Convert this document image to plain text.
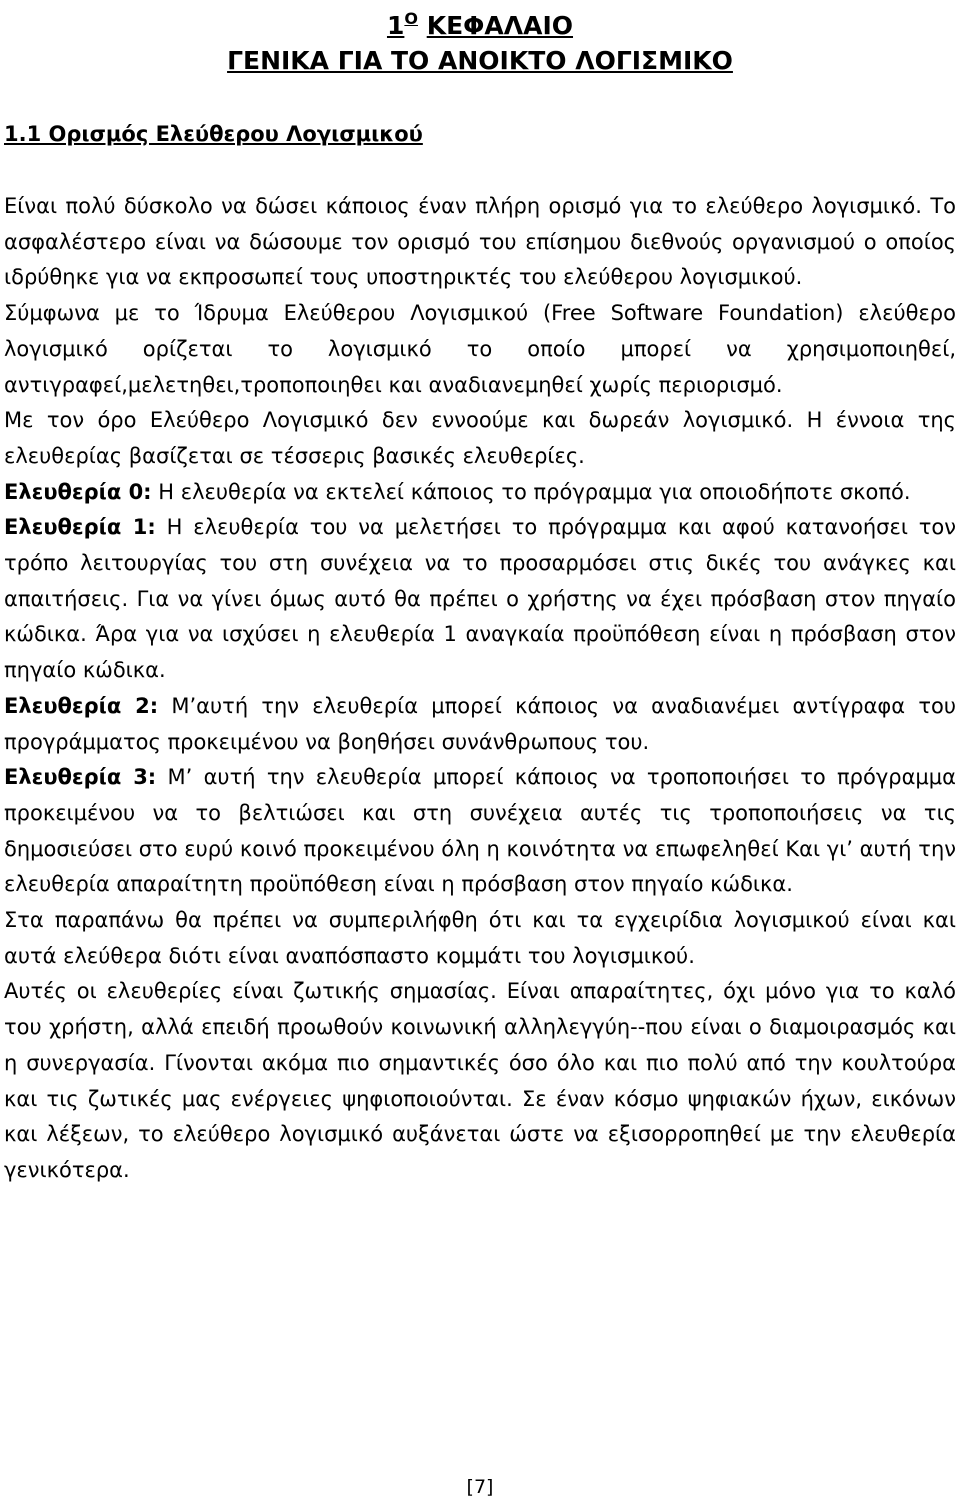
$1^O$ ΚΕΦΑΛΑΙΟ
ΓΕΝΙΚΑ ΓΙΑ ΤΟ ΑΝΟΙΚΤΟ ΛΟΓΙΣΜΙΚΟ
1.1 Ορισμός Ελεύθερου Λογισμικού

Είναι πολύ δύσκολο να δώσει κάποιος έναν πλήρη ορισμό για το ελεύθερο λογισμικό. Το ασφαλέστερο είναι να δώσουμε τον ορισμό του επίσημου διεθνούς οργανισμού ο οποίος ιδρύθηκε για να εκπροσωπεί τους υποστηρικτές του ελεύθερου λογισμικού.

Σύμφωνα με το Ίδρυμα Ελεύθερου Λογισμικού (Free Software Foundation) ελεύθερο λογισμικό ορίζεται το λογισμικό το οποίο μπορεί να χρησιμοποιηθεί, αντιγραφεί,μελετηθει,τροποποιηθει και αναδιανεμηθεί χωρίς περιορισμό.

Με τον όρο Ελεύθερο Λογισμικό δεν εννοούμε και δωρεάν λογισμικό. Η έννοια της ελευθερίας βασίζεται σε τέσσερις βασικές ελευθερίες.

Ελευθερία 0: Η ελευθερία να εκτελεί κάποιος το πρόγραμμα για οποιοδήποτε σκοπό.

Ελευθερία 1: Η ελευθερία του να μελετήσει το πρόγραμμα και αφού κατανοήσει τον τρόπο λειτουργίας του στη συνέχεια να το προσαρμόσει στις δικές του ανάγκες και απαιτήσεις. Για να γίνει όμως αυτό θα πρέπει ο χρήστης να έχει πρόσβαση στον πηγαίο κώδικα. Άρα για να ισχύσει η ελευθερία 1 αναγκαία προϋπόθεση είναι η πρόσβαση στον πηγαίο κώδικα.

Ελευθερία 2: Μ’αυτή την ελευθερία μπορεί κάποιος να αναδιανέμει αντίγραφα του προγράμματος προκειμένου να βοηθήσει συνάνθρωπους του.

Ελευθερία 3: Μ’ αυτή την ελευθερία μπορεί κάποιος να τροποποιήσει το πρόγραμμα προκειμένου να το βελτιώσει και στη συνέχεια αυτές τις τροποποιήσεις να τις δημοσιεύσει στο ευρύ κοινό προκειμένου όλη η κοινότητα να επωφεληθεί Και γι’ αυτή την ελευθερία απαραίτητη προϋπόθεση είναι η πρόσβαση στον πηγαίο κώδικα.

Στα παραπάνω θα πρέπει να συμπεριλήφθη ότι και τα εγχειρίδια λογισμικού είναι και αυτά ελεύθερα διότι είναι αναπόσπαστο κομμάτι του λογισμικού.

Αυτές οι ελευθερίες είναι ζωτικής σημασίας. Είναι απαραίτητες, όχι μόνο για το καλό του χρήστη, αλλά επειδή προωθούν κοινωνική αλληλεγγύη--που είναι ο διαμοιρασμός και η συνεργασία. Γίνονται ακόμα πιο σημαντικές όσο όλο και πιο πολύ από την κουλτούρα και τις ζωτικές μας ενέργειες ψηφιοποιούνται. Σε έναν κόσμο ψηφιακών ήχων, εικόνων και λέξεων, το ελεύθερο λογισμικό αυξάνεται ώστε να εξισορροπηθεί με την ελευθερία γενικότερα.

[7]
